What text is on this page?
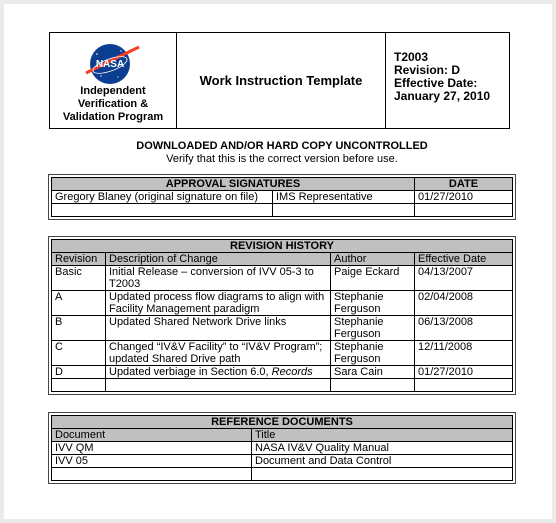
NASA
Independent
Verification &
Validation Program
Work Instruction Template
T2003
Revision: D
Effective Date:
January 27, 2010
DOWNLOADED AND/OR HARD COPY UNCONTROLLED
Verify that this is the correct version before use.
APPROVAL SIGNATURES		DATE
Gregory Blaney (original signature on file)	IMS Representative	01/27/2010

REVISION HISTORY			
Revision	Description of Change	Author	Effective Date
Basic	Initial Release – conversion of IVV 05-3 to T2003	Paige Eckard	04/13/2007
A	Updated process flow diagrams to align with Facility Management paradigm	Stephanie Ferguson	02/04/2008
B	Updated Shared Network Drive links	Stephanie Ferguson	06/13/2008
C	Changed “IV&V Facility” to “IV&V Program”; updated Shared Drive path	Stephanie Ferguson	12/11/2008
D	Updated verbiage in Section 6.0, Records	Sara Cain	01/27/2010

REFERENCE DOCUMENTS	
Document	Title
IVV QM	NASA IV&V Quality Manual
IVV 05	Document and Data Control
